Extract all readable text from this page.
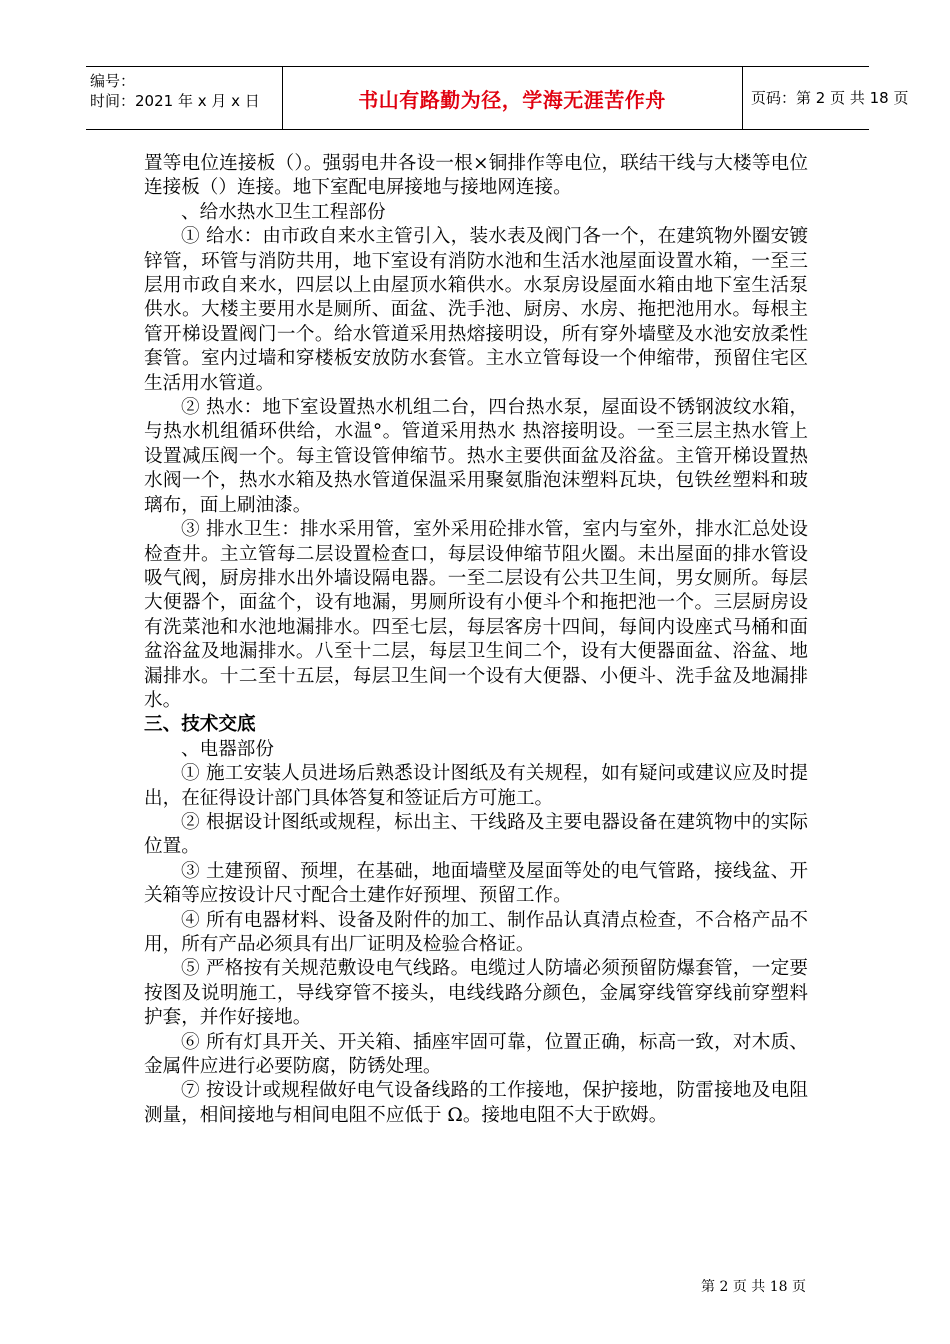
编号：
时间：2021 年 x 月 x 日	书山有路勤为径，学海无涯苦作舟	页码：第 2 页 共 18 页

置等电位连接板（）。强弱电井各设一根×铜排作等电位，联结干线与大楼等电位连接板（）连接。地下室配电屏接地与接地网连接。

、给水热水卫生工程部份

① 给水：由市政自来水主管引入，装水表及阀门各一个，在建筑物外圈安镀锌管，环管与消防共用，地下室设有消防水池和生活水池屋面设置水箱，一至三层用市政自来水，四层以上由屋顶水箱供水。水泵房设屋面水箱由地下室生活泵供水。大楼主要用水是厕所、面盆、洗手池、厨房、水房、拖把池用水。每根主管开梯设置阀门一个。给水管道采用热熔接明设，所有穿外墙壁及水池安放柔性套管。室内过墙和穿楼板安放防水套管。主水立管每设一个伸缩带，预留住宅区生活用水管道。

② 热水：地下室设置热水机组二台，四台热水泵，屋面设不锈钢波纹水箱，与热水机组循环供给，水温°。管道采用热水 热溶接明设。一至三层主热水管上设置减压阀一个。每主管设管伸缩节。热水主要供面盆及浴盆。主管开梯设置热水阀一个，热水水箱及热水管道保温采用聚氨脂泡沫塑料瓦块，包铁丝塑料和玻璃布，面上刷油漆。

③ 排水卫生：排水采用管，室外采用砼排水管，室内与室外，排水汇总处设检查井。主立管每二层设置检查口，每层设伸缩节阻火圈。未出屋面的排水管设吸气阀，厨房排水出外墙设隔电器。一至二层设有公共卫生间，男女厕所。每层大便器个，面盆个，设有地漏，男厕所设有小便斗个和拖把池一个。三层厨房设有洗菜池和水池地漏排水。四至七层，每层客房十四间，每间内设座式马桶和面盆浴盆及地漏排水。八至十二层，每层卫生间二个，设有大便器面盆、浴盆、地漏排水。十二至十五层，每层卫生间一个设有大便器、小便斗、洗手盆及地漏排水。

三、技术交底

、电器部份

① 施工安装人员进场后熟悉设计图纸及有关规程，如有疑问或建议应及时提出，在征得设计部门具体答复和签证后方可施工。

② 根据设计图纸或规程，标出主、干线路及主要电器设备在建筑物中的实际位置。

③ 土建预留、预埋，在基础，地面墙壁及屋面等处的电气管路，接线盆、开关箱等应按设计尺寸配合土建作好预埋、预留工作。

④ 所有电器材料、设备及附件的加工、制作品认真清点检查，不合格产品不用，所有产品必须具有出厂证明及检验合格证。

⑤ 严格按有关规范敷设电气线路。电缆过人防墙必须预留防爆套管，一定要按图及说明施工，导线穿管不接头，电线线路分颜色，金属穿线管穿线前穿塑料护套，并作好接地。

⑥ 所有灯具开关、开关箱、插座牢固可靠，位置正确，标高一致，对木质、金属件应进行必要防腐，防锈处理。

⑦ 按设计或规程做好电气设备线路的工作接地，保护接地，防雷接地及电阻测量，相间接地与相间电阻不应低于 Ω。接地电阻不大于欧姆。

第 2 页 共 18 页
